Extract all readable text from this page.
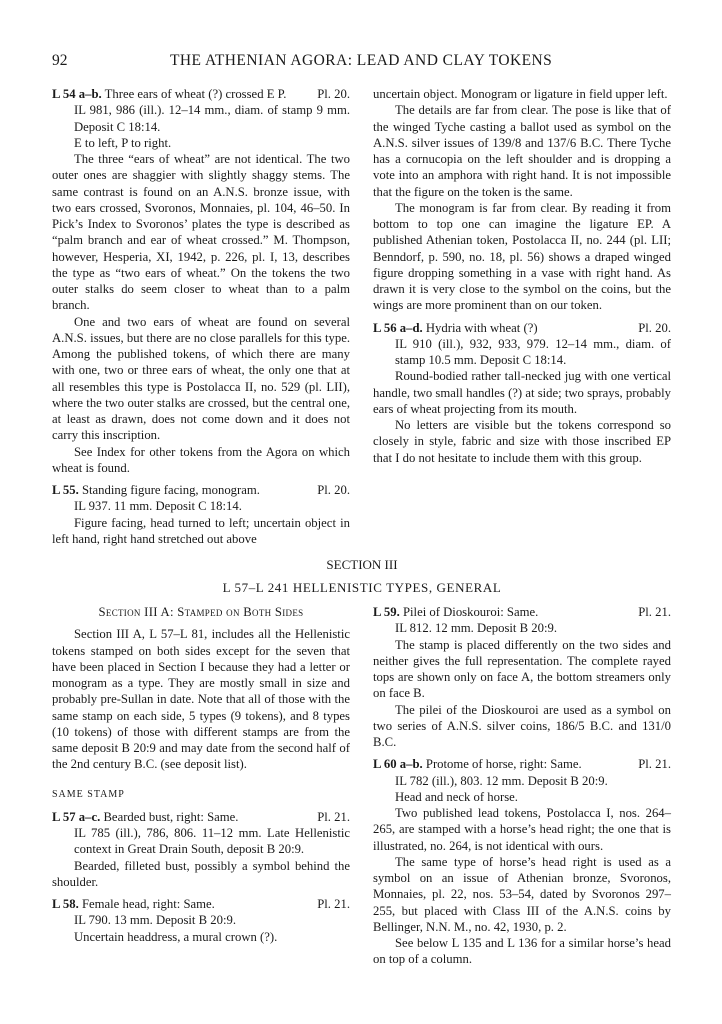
92	THE ATHENIAN AGORA: LEAD AND CLAY TOKENS

L 54 a–b. Three ears of wheat (?) crossed E P.	Pl. 20.

IL 981, 986 (ill.). 12–14 mm., diam. of stamp 9 mm. Deposit C 18:14.

E to left, P to right.

The three “ears of wheat” are not identical. The two outer ones are shaggier with slightly shaggy stems. The same contrast is found on an A.N.S. bronze issue, with two ears crossed, Svoronos, Monnaies, pl. 104, 46–50. In Pick’s Index to Svoronos’ plates the type is described as “palm branch and ear of wheat crossed.” M. Thompson, however, Hesperia, XI, 1942, p. 226, pl. I, 13, describes the type as “two ears of wheat.” On the tokens the two outer stalks do seem closer to wheat than to a palm branch.

One and two ears of wheat are found on several A.N.S. issues, but there are no close parallels for this type. Among the published tokens, of which there are many with one, two or three ears of wheat, the only one that at all resembles this type is Postolacca II, no. 529 (pl. LII), where the two outer stalks are crossed, but the central one, at least as drawn, does not come down and it does not carry this inscription.

See Index for other tokens from the Agora on which wheat is found.

L 55. Standing figure facing, monogram.	Pl. 20.

IL 937. 11 mm. Deposit C 18:14.

Figure facing, head turned to left; uncertain object in left hand, right hand stretched out above

uncertain object. Monogram or ligature in field upper left.

The details are far from clear. The pose is like that of the winged Tyche casting a ballot used as symbol on the A.N.S. silver issues of 139/8 and 137/6 B.C. There Tyche has a cornucopia on the left shoulder and is dropping a vote into an amphora with right hand. It is not impossible that the figure on the token is the same.

The monogram is far from clear. By reading it from bottom to top one can imagine the ligature EP. A published Athenian token, Postolacca II, no. 244 (pl. LII; Benndorf, p. 590, no. 18, pl. 56) shows a draped winged figure dropping something in a vase with right hand. As drawn it is very close to the symbol on the coins, but the wings are more prominent than on our token.

L 56 a–d. Hydria with wheat (?)	Pl. 20.

IL 910 (ill.), 932, 933, 979. 12–14 mm., diam. of stamp 10.5 mm. Deposit C 18:14.

Round-bodied rather tall-necked jug with one vertical handle, two small handles (?) at side; two sprays, probably ears of wheat projecting from its mouth.

No letters are visible but the tokens correspond so closely in style, fabric and size with those inscribed EP that I do not hesitate to include them with this group.

SECTION III
L 57–L 241 HELLENISTIC TYPES, GENERAL

Section III A: Stamped on Both Sides

Section III A, L 57–L 81, includes all the Hellenistic tokens stamped on both sides except for the seven that have been placed in Section I because they had a letter or monogram as a type. They are mostly small in size and probably pre-Sullan in date. Note that all of those with the same stamp on each side, 5 types (9 tokens), and 8 types (10 tokens) of those with different stamps are from the same deposit B 20:9 and may date from the second half of the 2nd century B.C. (see deposit list).

SAME STAMP

L 57 a–c. Bearded bust, right: Same.	Pl. 21.

IL 785 (ill.), 786, 806. 11–12 mm. Late Hellenistic context in Great Drain South, deposit B 20:9.

Bearded, filleted bust, possibly a symbol behind the shoulder.

L 58. Female head, right: Same.	Pl. 21.

IL 790. 13 mm. Deposit B 20:9.

Uncertain headdress, a mural crown (?).

L 59. Pilei of Dioskouroi: Same.	Pl. 21.

IL 812. 12 mm. Deposit B 20:9.

The stamp is placed differently on the two sides and neither gives the full representation. The complete rayed tops are shown only on face A, the bottom streamers only on face B.

The pilei of the Dioskouroi are used as a symbol on two series of A.N.S. silver coins, 186/5 B.C. and 131/0 B.C.

L 60 a–b. Protome of horse, right: Same.	Pl. 21.

IL 782 (ill.), 803. 12 mm. Deposit B 20:9.

Head and neck of horse.

Two published lead tokens, Postolacca I, nos. 264–265, are stamped with a horse’s head right; the one that is illustrated, no. 264, is not identical with ours.

The same type of horse’s head right is used as a symbol on an issue of Athenian bronze, Svoronos, Monnaies, pl. 22, nos. 53–54, dated by Svoronos 297–255, but placed with Class III of the A.N.S. coins by Bellinger, N.N. M., no. 42, 1930, p. 2.

See below L 135 and L 136 for a similar horse’s head on top of a column.
